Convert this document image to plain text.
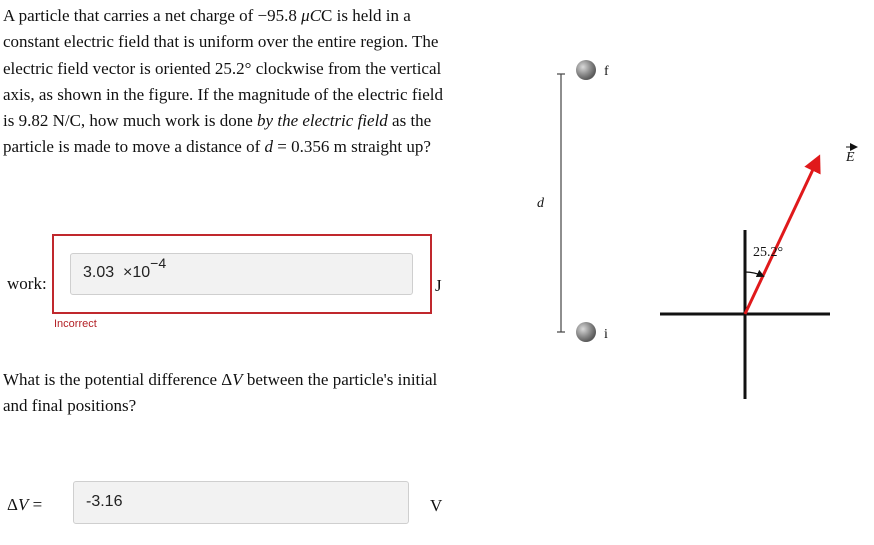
A particle that carries a net charge of −95.8 μCC is held in a constant electric field that is uniform over the entire region. The electric field vector is oriented 25.2° clockwise from the vertical axis, as shown in the figure. If the magnitude of the electric field is 9.82 N/C, how much work is done by the electric field as the particle is made to move a distance of d = 0.356 m straight up?

work:
3.03 ×10−4
J
Incorrect

What is the potential difference ΔV between the particle's initial and final positions?

ΔV =	-3.16	V
d
f
i
25.2°
E
